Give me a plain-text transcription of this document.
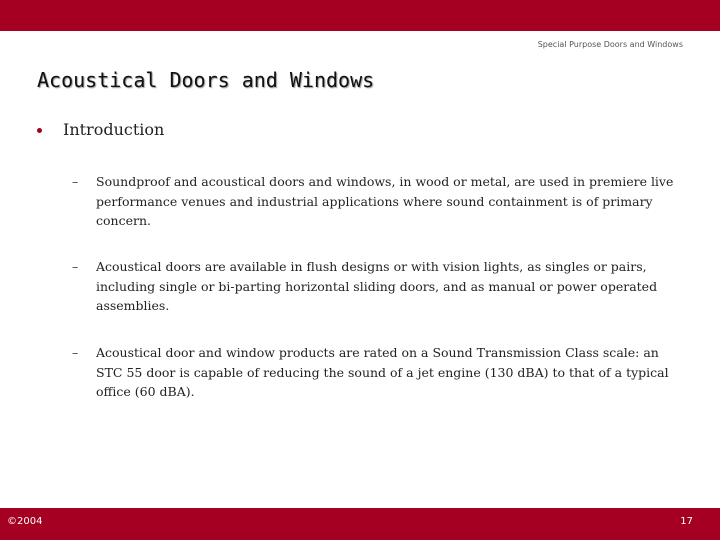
Special Purpose Doors and Windows
Acoustical Doors and Windows
Introduction
–	Soundproof and acoustical doors and windows, in wood or metal, are used in premiere live performance venues and industrial applications where sound containment is of primary concern.
–	Acoustical doors are available in flush designs or with vision lights, as singles or pairs, including single or bi-parting horizontal sliding doors, and as manual or power operated assemblies.
–	Acoustical door and window products are rated on a Sound Transmission Class scale: an STC 55 door is capable of reducing the sound of a jet engine (130 dBA) to that of a typical office (60 dBA).
©2004	17
